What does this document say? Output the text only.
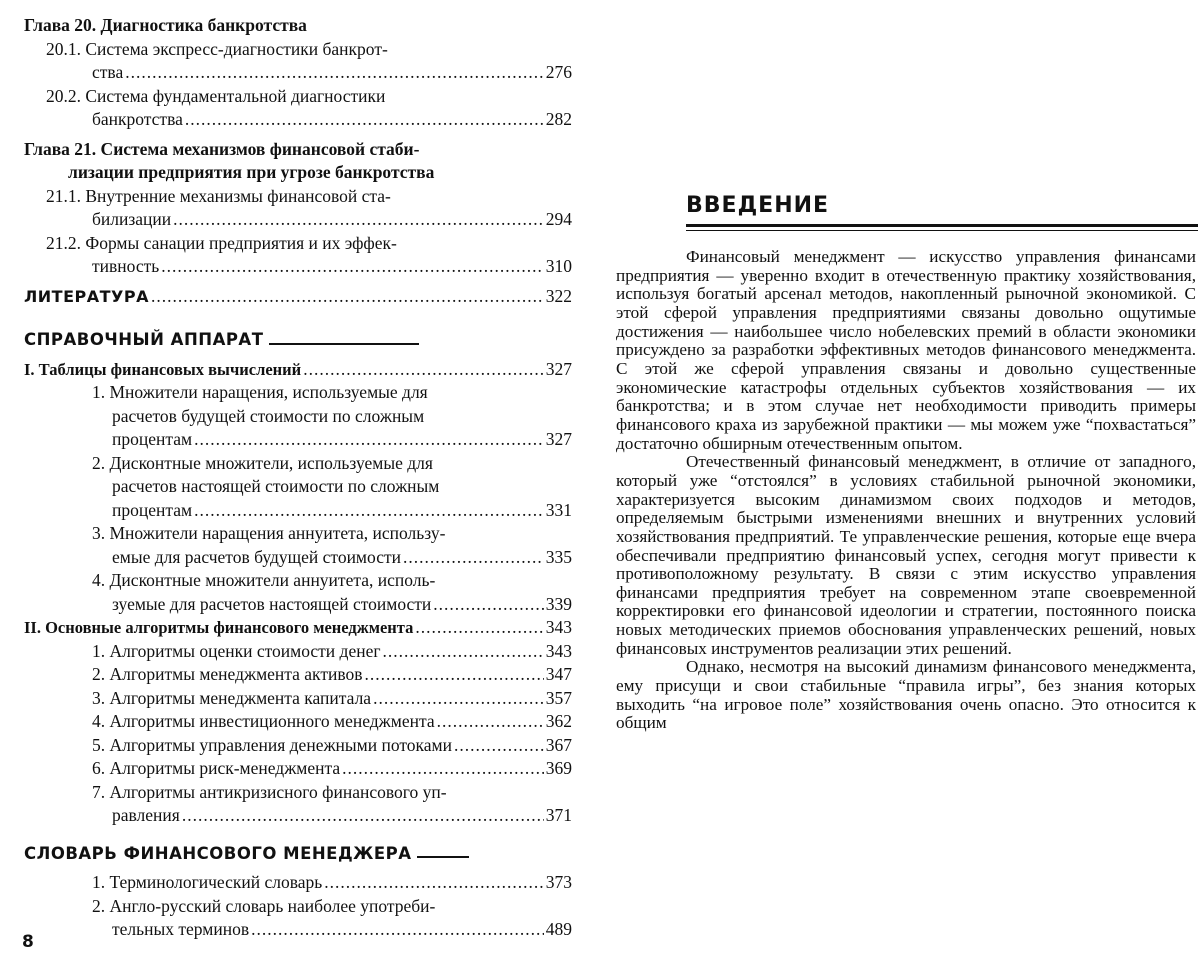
Глава 20. Диагностика банкротства
20.1. Система экспресс-диагностики банкрот-
ства .....	276
20.2. Система фундаментальной диагностики
банкротства .....	282
Глава 21. Система механизмов финансовой стаби-
лизации предприятия при угрозе банкротства
21.1. Внутренние механизмы финансовой ста-
билизации .....	294
21.2. Формы санации предприятия и их эффек-
тивность .....	310
ЛИТЕРАТУРА .....	322
СПРАВОЧНЫЙ АППАРАТ
I. Таблицы финансовых вычислений .....	327
1. Множители наращения, используемые для
расчетов будущей стоимости по сложным
процентам .....	327
2. Дисконтные множители, используемые для
расчетов настоящей стоимости по сложным
процентам .....	331
3. Множители наращения аннуитета, использу-
емые для расчетов будущей стоимости .....	335
4. Дисконтные множители аннуитета, исполь-
зуемые для расчетов настоящей стоимости .....	339
II. Основные алгоритмы финансового менеджмента .....	343
1. Алгоритмы оценки стоимости денег .....	343
2. Алгоритмы менеджмента активов .....	347
3. Алгоритмы менеджмента капитала .....	357
4. Алгоритмы инвестиционного менеджмента .....	362
5. Алгоритмы управления денежными потоками .....	367
6. Алгоритмы риск-менеджмента .....	369
7. Алгоритмы антикризисного финансового уп-
равления .....	371
СЛОВАРЬ ФИНАНСОВОГО МЕНЕДЖЕРА
1. Терминологический словарь .....	373
2. Англо-русский словарь наиболее употреби-
тельных терминов .....	489
8
ВВЕДЕНИЕ

Финансовый менеджмент — искусство управления финансами предприятия — уверенно входит в отечественную практику хозяйствования, используя богатый арсенал методов, накопленный рыночной экономикой. С этой сферой управления предприятиями связаны довольно ощутимые достижения — наибольшее число нобелевских премий в области экономики присуждено за разработки эффективных методов финансового менеджмента. С этой же сферой управления связаны и довольно существенные экономические катастрофы отдельных субъектов хозяйствования — их банкротства; и в этом случае нет необходимости приводить примеры финансового краха из зарубежной практики — мы можем уже “похвастаться” достаточно обширным отечественным опытом.

Отечественный финансовый менеджмент, в отличие от западного, который уже “отстоялся” в условиях стабильной рыночной экономики, характеризуется высоким динамизмом своих подходов и методов, определяемым быстрыми изменениями внешних и внутренних условий хозяйствования предприятий. Те управленческие решения, которые еще вчера обеспечивали предприятию финансовый успех, сегодня могут привести к противоположному результату. В связи с этим искусство управления финансами предприятия требует на современном этапе своевременной корректировки его финансовой идеологии и стратегии, постоянного поиска новых методических приемов обоснования управленческих решений, новых финансовых инструментов реализации этих решений.

Однако, несмотря на высокий динамизм финансового менеджмента, ему присущи и свои стабильные “правила игры”, без знания которых выходить “на игровое поле” хозяйствования очень опасно. Это относится к общим
